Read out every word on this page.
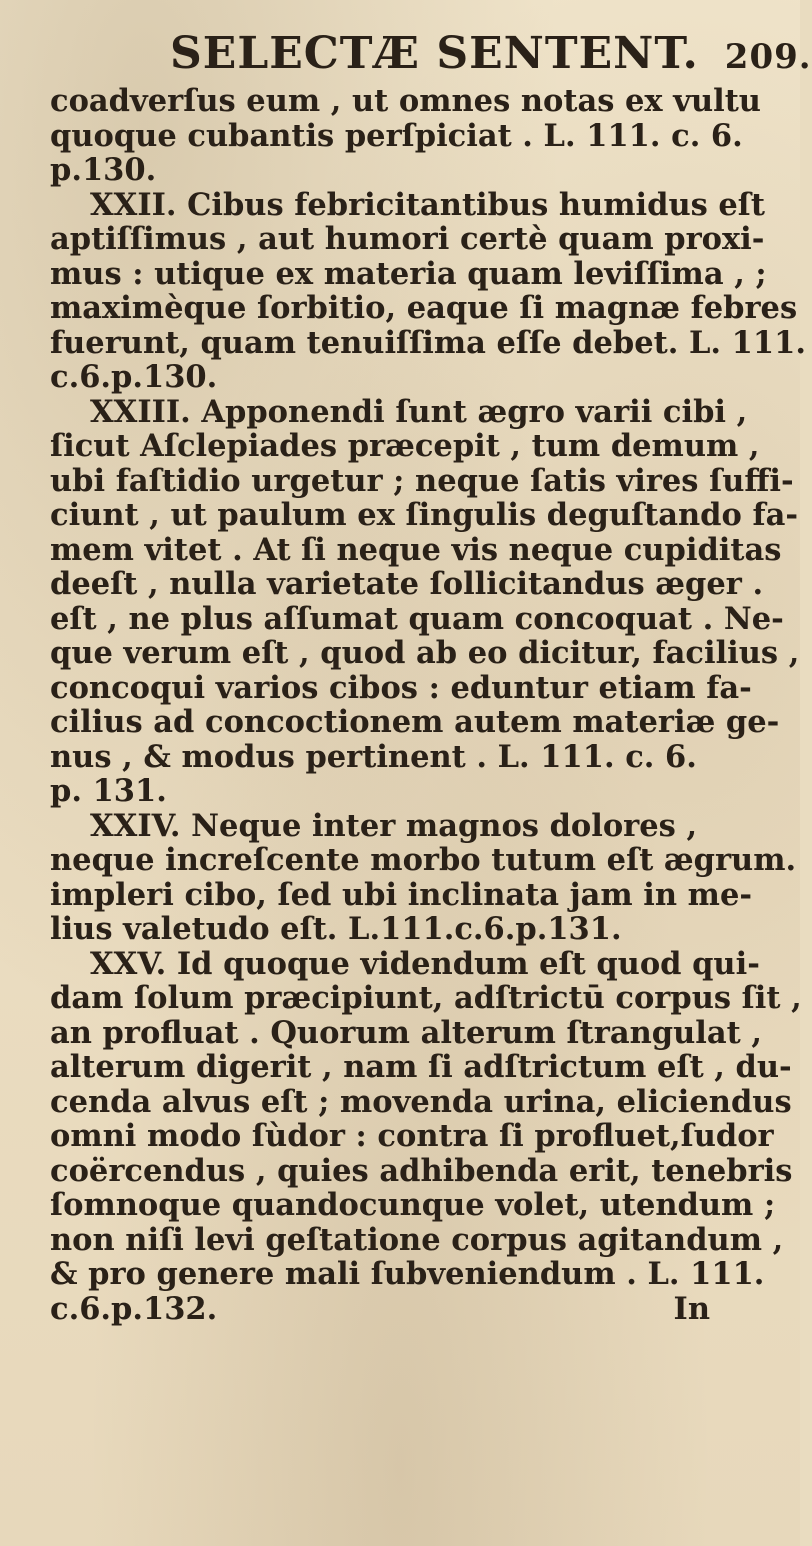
SELECTÆ SENTENT. 209.
coadverſus eum , ut omnes notas ex vultu
quoque cubantis perſpiciat . L. 111. c. 6.
p.130.
XXII. Cibus febricitantibus humidus eſt
aptiſſimus , aut humori certè quam proxi-
mus : utique ex materia quam leviſſima , ;
maximèque ſorbitio, eaque ſi magnæ febres
fuerunt, quam tenuiſſima eſſe debet. L. 111.
c.6.p.130.
XXIII. Apponendi ſunt ægro varii cibi ,
ſicut Aſclepiades præcepit , tum demum ,
ubi faſtidio urgetur ; neque ſatis vires ſuffi-
ciunt , ut paulum ex ſingulis deguſtando fa-
mem vitet . At ſi neque vis neque cupiditas
deeſt , nulla varietate ſollicitandus æger .
eſt , ne plus aſſumat quam concoquat . Ne-
que verum eſt , quod ab eo dicitur, facilius ,
concoqui varios cibos : eduntur etiam fa-
cilius ad concoctionem autem materiæ ge-
nus , & modus pertinent . L. 111. c. 6.
p. 131.
XXIV. Neque inter magnos dolores ,
neque increſcente morbo tutum eſt ægrum.
impleri cibo, ſed ubi inclinata jam in me-
lius valetudo eſt. L.111.c.6.p.131.
XXV. Id quoque videndum eſt quod qui-
dam ſolum præcipiunt, adſtrictū corpus ſit ,
an profluat . Quorum alterum ſtrangulat ,
alterum digerit , nam ſi adſtrictum eſt , du-
cenda alvus eſt ; movenda urina, eliciendus
omni modo ſùdor : contra ſi profluet,ſudor
coërcendus , quies adhibenda erit, tenebris
ſomnoque quandocunque volet, utendum ;
non niſi levi geſtatione corpus agitandum ,
& pro genere mali ſubveniendum . L. 111.
c.6.p.132.	In
